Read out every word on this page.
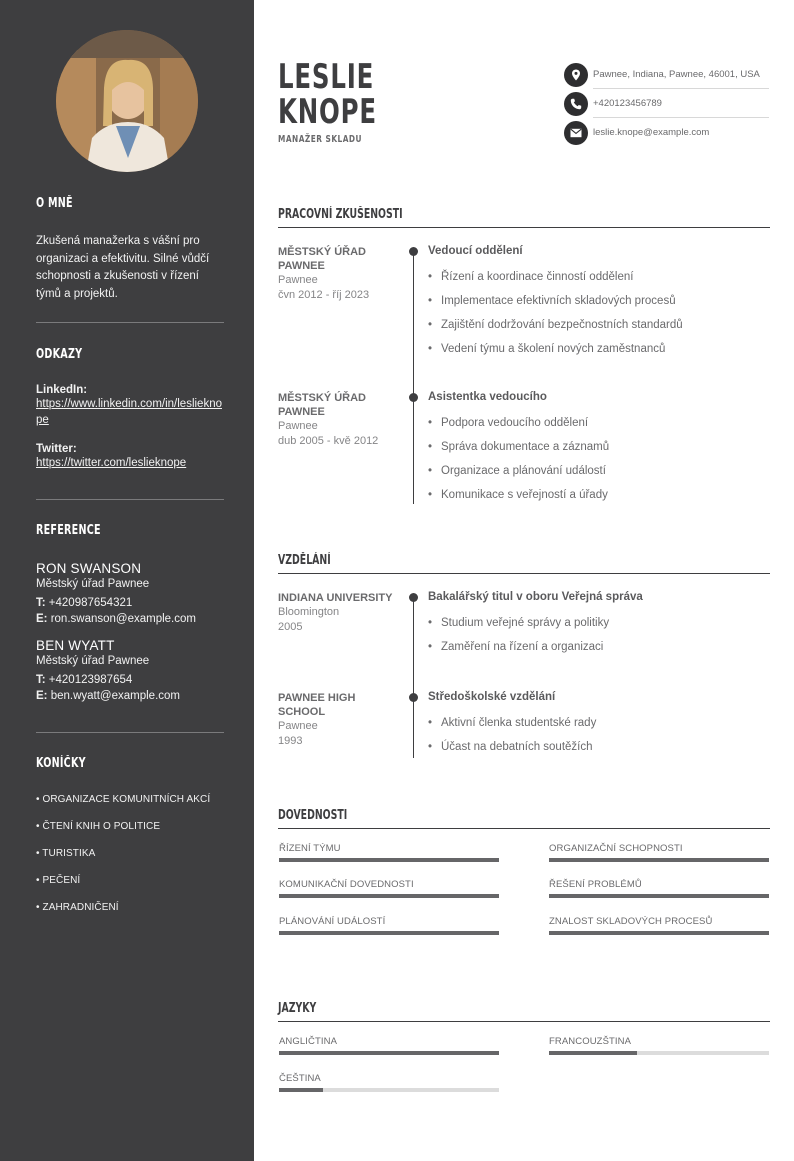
O MNĚ
Zkušená manažerka s vášní pro organizaci a efektivitu. Silné vůdčí schopnosti a zkušenosti v řízení týmů a projektů.
ODKAZY
LinkedIn:
https://www.linkedin.com/in/leslieknope
Twitter:
https://twitter.com/leslieknope
REFERENCE
RON SWANSON
Městský úřad Pawnee
T: +420987654321
E: ron.swanson@example.com
BEN WYATT
Městský úřad Pawnee
T: +420123987654
E: ben.wyatt@example.com
KONÍČKY
• ORGANIZACE KOMUNITNÍCH AKCÍ
• ČTENÍ KNIH O POLITICE
• TURISTIKA
• PEČENÍ
• ZAHRADNIČENÍ
LESLIE
KNOPE
MANAŽER SKLADU
Pawnee, Indiana, Pawnee, 46001, USA
+420123456789
leslie.knope@example.com
PRACOVNÍ ZKUŠENOSTI
MĚSTSKÝ ÚŘAD PAWNEE
Pawnee
čvn 2012 - říj 2023
Vedoucí oddělení
• Řízení a koordinace činností oddělení
• Implementace efektivních skladových procesů
• Zajištění dodržování bezpečnostních standardů
• Vedení týmu a školení nových zaměstnanců
MĚSTSKÝ ÚŘAD PAWNEE
Pawnee
dub 2005 - kvě 2012
Asistentka vedoucího
• Podpora vedoucího oddělení
• Správa dokumentace a záznamů
• Organizace a plánování událostí
• Komunikace s veřejností a úřady
VZDĚLÁNÍ
INDIANA UNIVERSITY
Bloomington
2005
Bakalářský titul v oboru Veřejná správa
• Studium veřejné správy a politiky
• Zaměření na řízení a organizaci
PAWNEE HIGH SCHOOL
Pawnee
1993
Středoškolské vzdělání
• Aktivní členka studentské rady
• Účast na debatních soutěžích
DOVEDNOSTI
ŘÍZENÍ TÝMU	ORGANIZAČNÍ SCHOPNOSTI
KOMUNIKAČNÍ DOVEDNOSTI	ŘEŠENÍ PROBLÉMŮ
PLÁNOVÁNÍ UDÁLOSTÍ	ZNALOST SKLADOVÝCH PROCESŮ
JAZYKY
ANGLIČTINA	FRANCOUZŠTINA
ČEŠTINA
